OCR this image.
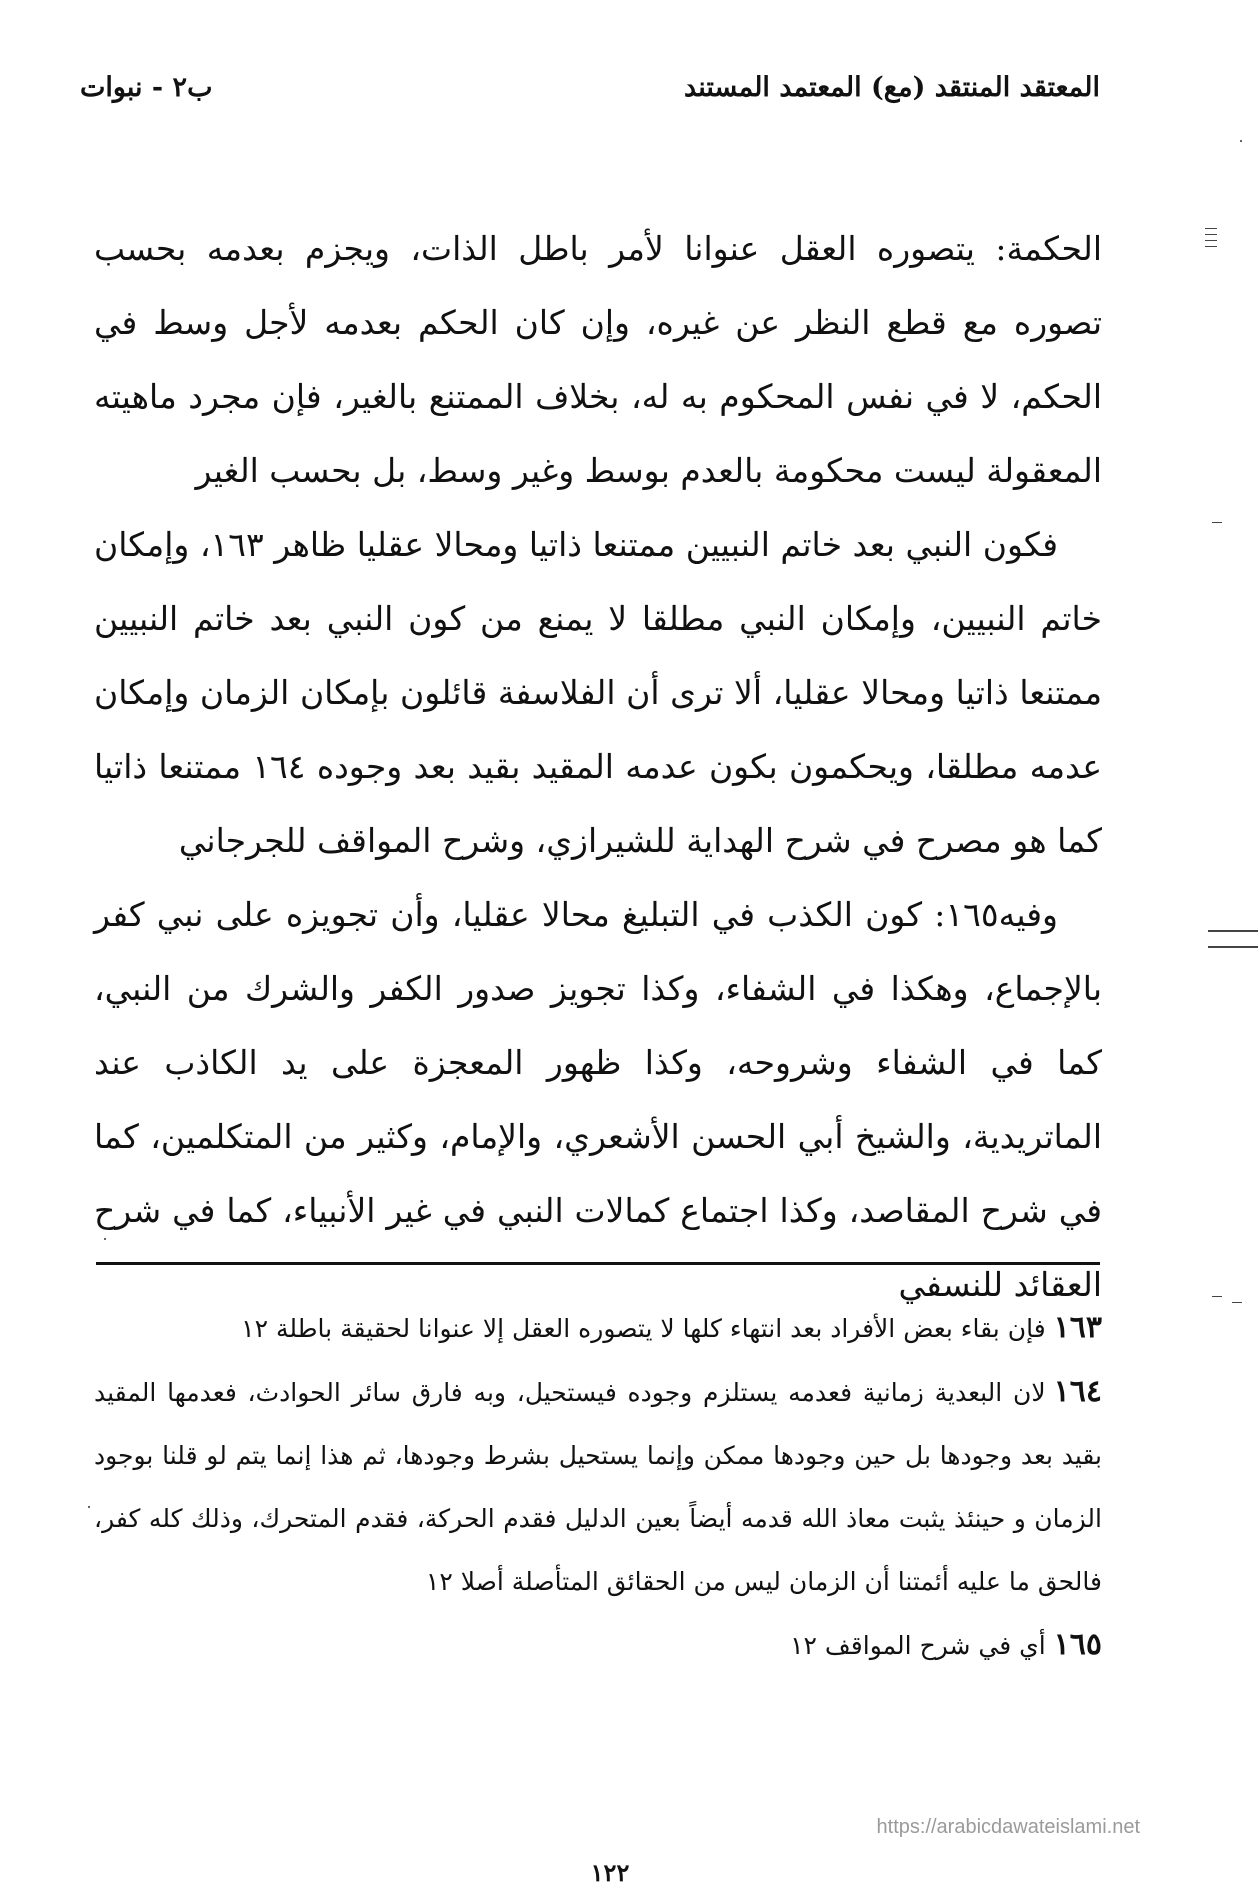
المعتقد المنتقد (مع) المعتمد المستند
ب٢ - نبوات

الحكمة: يتصوره العقل عنوانا لأمر باطل الذات، ويجزم بعدمه بحسب تصوره مع قطع النظر عن غيره، وإن كان الحكم بعدمه لأجل وسط في الحكم، لا في نفس المحكوم به له، بخلاف الممتنع بالغير، فإن مجرد ماهيته المعقولة ليست محكومة بالعدم بوسط وغير وسط، بل بحسب الغير

فكون النبي بعد خاتم النبيين ممتنعا ذاتيا ومحالا عقليا ظاهر ١٦٣، وإمكان خاتم النبيين، وإمكان النبي مطلقا لا يمنع من كون النبي بعد خاتم النبيين ممتنعا ذاتيا ومحالا عقليا، ألا ترى أن الفلاسفة قائلون بإمكان الزمان وإمكان عدمه مطلقا، ويحكمون بكون عدمه المقيد بقيد بعد وجوده ١٦٤ ممتنعا ذاتيا كما هو مصرح في شرح الهداية للشيرازي، وشرح المواقف للجرجاني

وفيه١٦٥: كون الكذب في التبليغ محالا عقليا، وأن تجويزه على نبي كفر بالإجماع، وهكذا في الشفاء، وكذا تجويز صدور الكفر والشرك من النبي، كما في الشفاء وشروحه، وكذا ظهور المعجزة على يد الكاذب عند الماتريدية، والشيخ أبي الحسن الأشعري، والإمام، وكثير من المتكلمين، كما في شرح المقاصد، وكذا اجتماع كمالات النبي في غير الأنبياء، كما في شرح العقائد للنسفي

١٦٣فإن بقاء بعض الأفراد بعد انتهاء كلها لا يتصوره العقل إلا عنوانا لحقيقة باطلة ١٢

١٦٤لان البعدية زمانية فعدمه يستلزم وجوده فيستحيل، وبه فارق سائر الحوادث، فعدمها المقيد بقيد بعد وجودها بل حين وجودها ممكن وإنما يستحيل بشرط وجودها، ثم هذا إنما يتم لو قلنا بوجود الزمان و حينئذ يثبت معاذ الله قدمه أيضاً بعين الدليل فقدم الحركة، فقدم المتحرك، وذلك كله كفر، فالحق ما عليه أئمتنا أن الزمان ليس من الحقائق المتأصلة أصلا ١٢

١٦٥أي في شرح المواقف ١٢

https://arabicdawateislami.net
١٢٢
